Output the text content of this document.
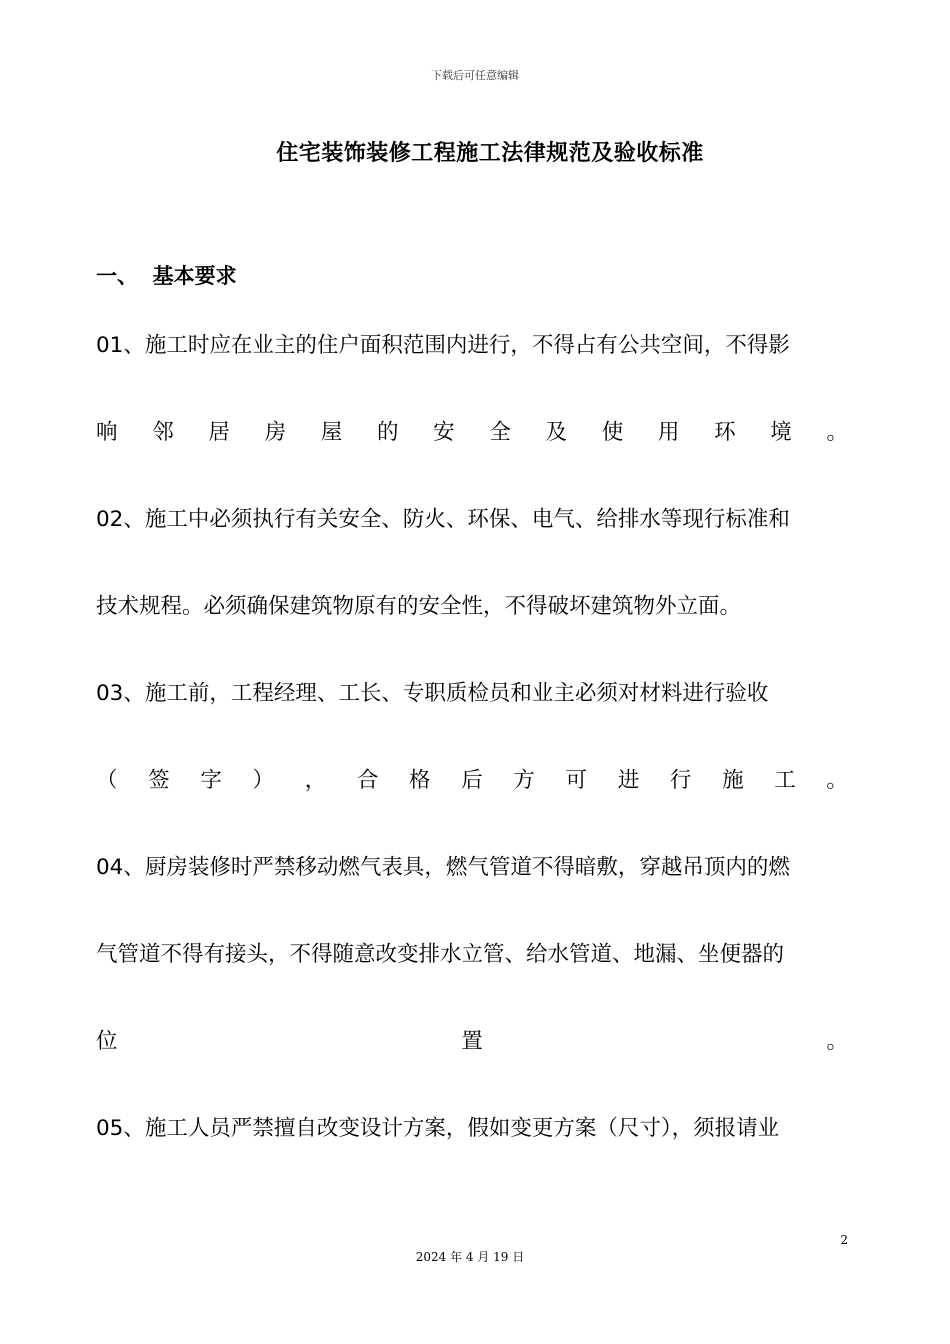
下载后可任意编辑
住宅装饰装修工程施工法律规范及验收标准
一、  基本要求
01、施工时应在业主的住户面积范围内进行，不得占有公共空间，不得影
响 邻 居 房 屋 的 安 全 及 使 用 环 境 。
02、施工中必须执行有关安全、防火、环保、电气、给排水等现行标准和
技术规程。必须确保建筑物原有的安全性，不得破坏建筑物外立面。
03、施工前，工程经理、工长、专职质检员和业主必须对材料进行验收
（ 签 字 ） ， 合 格 后 方 可 进 行 施 工 。
04、厨房装修时严禁移动燃气表具，燃气管道不得暗敷，穿越吊顶内的燃
气管道不得有接头，不得随意改变排水立管、给水管道、地漏、坐便器的
位	置	。
05、施工人员严禁擅自改变设计方案，假如变更方案（尺寸），须报请业
2
2024 年 4 月 19 日
